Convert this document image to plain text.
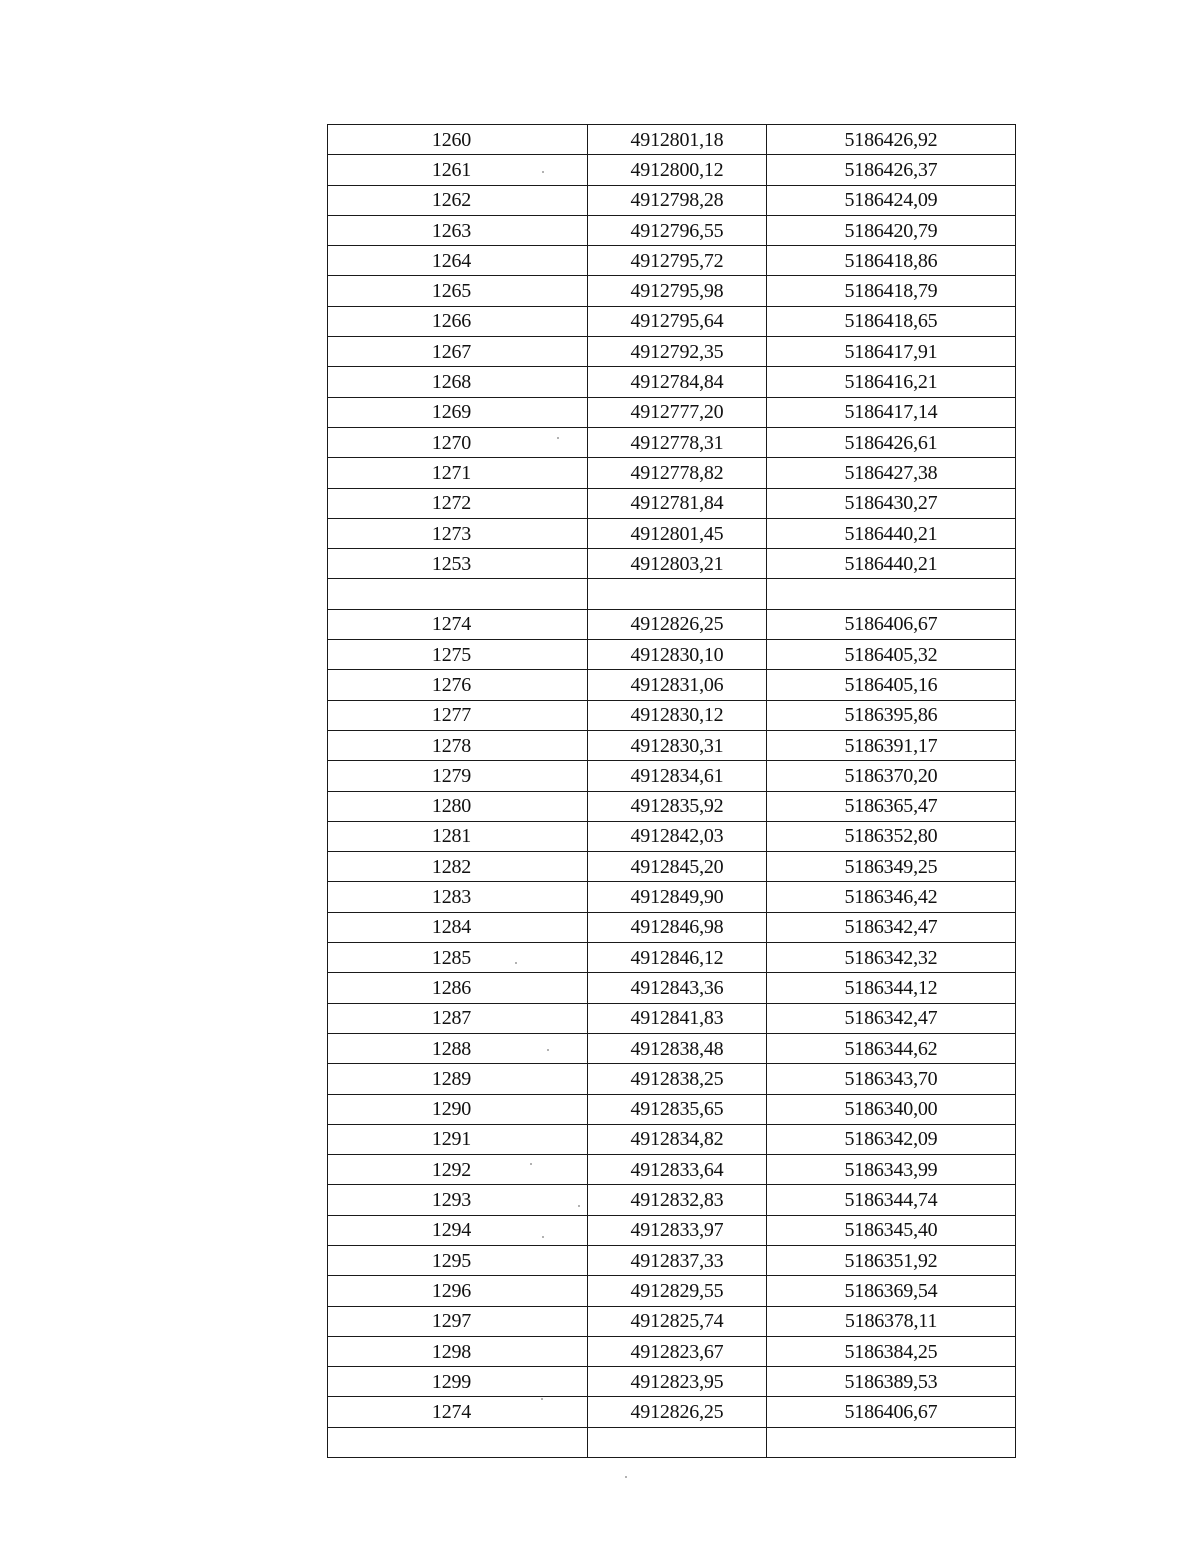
1260	4912801,18	5186426,92
1261	4912800,12	5186426,37
1262	4912798,28	5186424,09
1263	4912796,55	5186420,79
1264	4912795,72	5186418,86
1265	4912795,98	5186418,79
1266	4912795,64	5186418,65
1267	4912792,35	5186417,91
1268	4912784,84	5186416,21
1269	4912777,20	5186417,14
1270	4912778,31	5186426,61
1271	4912778,82	5186427,38
1272	4912781,84	5186430,27
1273	4912801,45	5186440,21
1253	4912803,21	5186440,21

1274	4912826,25	5186406,67
1275	4912830,10	5186405,32
1276	4912831,06	5186405,16
1277	4912830,12	5186395,86
1278	4912830,31	5186391,17
1279	4912834,61	5186370,20
1280	4912835,92	5186365,47
1281	4912842,03	5186352,80
1282	4912845,20	5186349,25
1283	4912849,90	5186346,42
1284	4912846,98	5186342,47
1285	4912846,12	5186342,32
1286	4912843,36	5186344,12
1287	4912841,83	5186342,47
1288	4912838,48	5186344,62
1289	4912838,25	5186343,70
1290	4912835,65	5186340,00
1291	4912834,82	5186342,09
1292	4912833,64	5186343,99
1293	4912832,83	5186344,74
1294	4912833,97	5186345,40
1295	4912837,33	5186351,92
1296	4912829,55	5186369,54
1297	4912825,74	5186378,11
1298	4912823,67	5186384,25
1299	4912823,95	5186389,53
1274	4912826,25	5186406,67
